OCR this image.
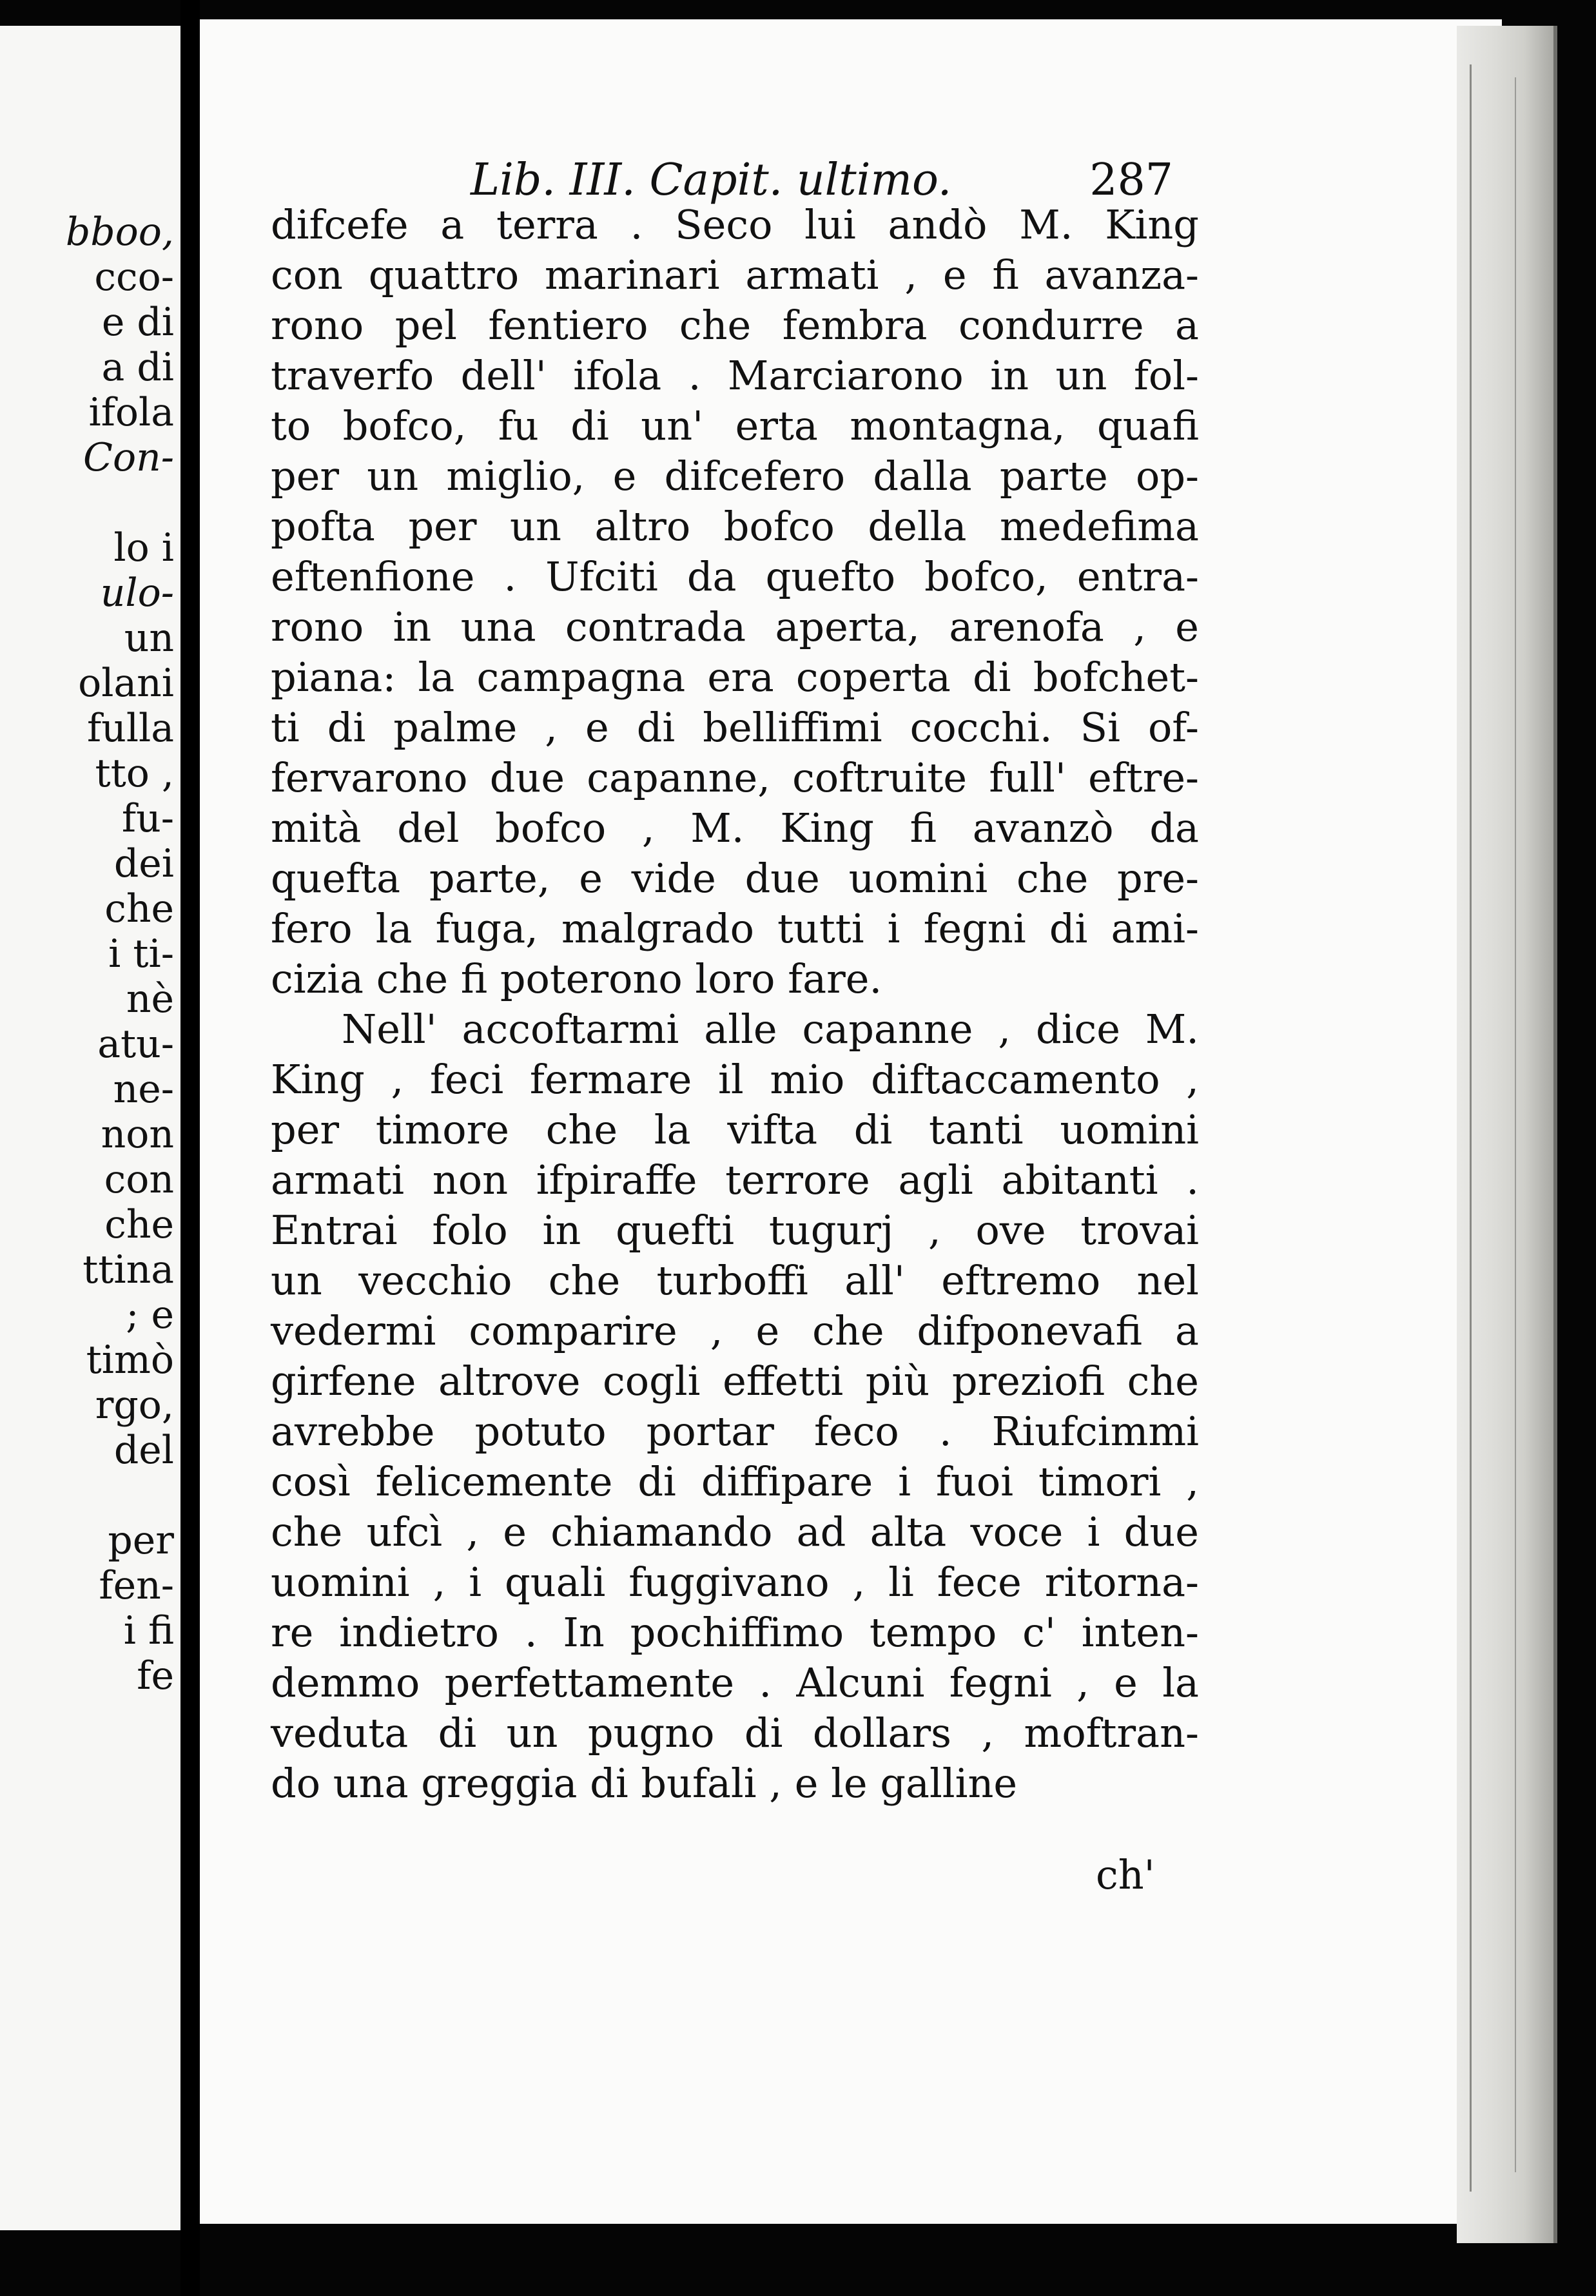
bboo,
cco-
e di
a di
ifola
Con-
lo i
ulo-
un
olani
fulla
tto ,
fu-
dei
che
i ti-
nè
atu-
ne-
non
con
che
ttina
; e
timò
rgo,
del
per
fen-
i fi
fe
Lib. III. Capit. ultimo.	287
difcefe a terra . Seco lui andò M. King
con quattro marinari armati , e fi avanza-
rono pel fentiero che fembra condurre a
traverfo dell' ifola . Marciarono in un fol-
to bofco, fu di un' erta montagna, quafi
per un miglio, e difcefero dalla parte op-
pofta per un altro bofco della medefima
eftenfione . Ufciti da quefto bofco, entra-
rono in una contrada aperta, arenofa , e
piana: la campagna era coperta di bofchet-
ti di palme , e di belliffimi cocchi. Si of-
fervarono due capanne, coftruite full' eftre-
mità del bofco , M. King fi avanzò da
quefta parte, e vide due uomini che pre-
fero la fuga, malgrado tutti i fegni di ami-
cizia che fi poterono loro fare.
Nell' accoftarmi alle capanne , dice M.
King , feci fermare il mio diftaccamento ,
per timore che la vifta di tanti uomini
armati non ifpiraffe terrore agli abitanti .
Entrai folo in quefti tugurj , ove trovai
un vecchio che turboffi all' eftremo nel
vedermi comparire , e che difponevafi a
girfene altrove cogli effetti più preziofi che
avrebbe potuto portar feco . Riufcimmi
così felicemente di diffipare i fuoi timori ,
che ufcì , e chiamando ad alta voce i due
uomini , i quali fuggivano , li fece ritorna-
re indietro . In pochiffimo tempo c' inten-
demmo perfettamente . Alcuni fegni , e la
veduta di un pugno di dollars , moftran-
do una greggia di bufali , e le galline
ch'
